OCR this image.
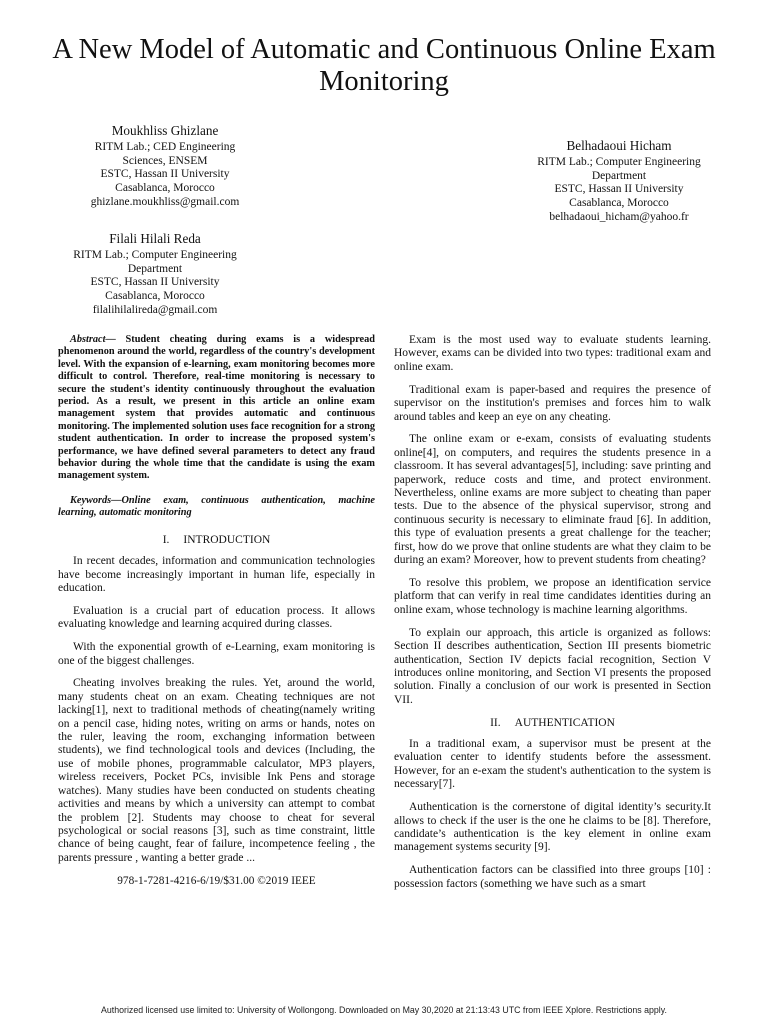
A New Model of Automatic and Continuous Online Exam Monitoring
Moukhliss Ghizlane
RITM Lab.; CED Engineering
Sciences, ENSEM
ESTC, Hassan II University
Casablanca, Morocco
ghizlane.moukhliss@gmail.com
Belhadaoui Hicham
RITM Lab.; Computer Engineering
Department
ESTC, Hassan II University
Casablanca, Morocco
belhadaoui_hicham@yahoo.fr
Filali Hilali Reda
RITM Lab.; Computer Engineering
Department
ESTC, Hassan II University
Casablanca, Morocco
filalihilalireda@gmail.com

Abstract— Student cheating during exams is a widespread phenomenon around the world, regardless of the country's development level. With the expansion of e-learning, exam monitoring becomes more difficult to control. Therefore, real-time monitoring is necessary to secure the student's identity continuously throughout the evaluation period. As a result, we present in this article an online exam management system that provides automatic and continuous monitoring. The implemented solution uses face recognition for a strong student authentication. In order to increase the proposed system's performance, we have defined several parameters to detect any fraud behavior during the whole time that the candidate is using the exam management system.

Keywords—Online exam, continuous authentication, machine learning, automatic monitoring

I. INTRODUCTION

In recent decades, information and communication technologies have become increasingly important in human life, especially in education.

Evaluation is a crucial part of education process. It allows evaluating knowledge and learning acquired during classes.

With the exponential growth of e-Learning, exam monitoring is one of the biggest challenges.

Cheating involves breaking the rules. Yet, around the world, many students cheat on an exam. Cheating techniques are not lacking[1], next to traditional methods of cheating(namely writing on a pencil case, hiding notes, writing on arms or hands, notes on the ruler, leaving the room, exchanging information between students), we find technological tools and devices (Including, the use of mobile phones, programmable calculator, MP3 players, wireless receivers, Pocket PCs, invisible Ink Pens and storage watches). Many studies have been conducted on students cheating activities and means by which a university can attempt to combat the problem [2]. Students may choose to cheat for several psychological or social reasons [3], such as time constraint, little chance of being caught, fear of failure, incompetence feeling , the parents pressure , wanting a better grade ...

978-1-7281-4216-6/19/$31.00 ©2019 IEEE

Exam is the most used way to evaluate students learning. However, exams can be divided into two types: traditional exam and online exam.

Traditional exam is paper-based and requires the presence of supervisor on the institution's premises and forces him to walk around tables and keep an eye on any cheating.

The online exam or e-exam, consists of evaluating students online[4], on computers, and requires the students presence in a classroom. It has several advantages[5], including: save printing and paperwork, reduce costs and time, and protect environment. Nevertheless, online exams are more subject to cheating than paper tests. Due to the absence of the physical supervisor, strong and continuous security is necessary to eliminate fraud [6]. In addition, this type of evaluation presents a great challenge for the teacher; first, how do we prove that online students are what they claim to be during an exam? Moreover, how to prevent students from cheating?

To resolve this problem, we propose an identification service platform that can verify in real time candidates identities during an online exam, whose technology is machine learning algorithms.

To explain our approach, this article is organized as follows: Section II describes authentication, Section III presents biometric authentication, Section IV depicts facial recognition, Section V introduces online monitoring, and Section VI presents the proposed solution. Finally a conclusion of our work is presented in Section VII.

II. AUTHENTICATION

In a traditional exam, a supervisor must be present at the evaluation center to identify students before the assessment. However, for an e-exam the student's authentication to the system is necessary[7].

Authentication is the cornerstone of digital identity’s security.It allows to check if the user is the one he claims to be [8]. Therefore, candidate’s authentication is the key element in online exam management systems security [9].

Authentication factors can be classified into three groups [10] : possession factors (something we have such as a smart

Authorized licensed use limited to: University of Wollongong. Downloaded on May 30,2020 at 21:13:43 UTC from IEEE Xplore. Restrictions apply.
